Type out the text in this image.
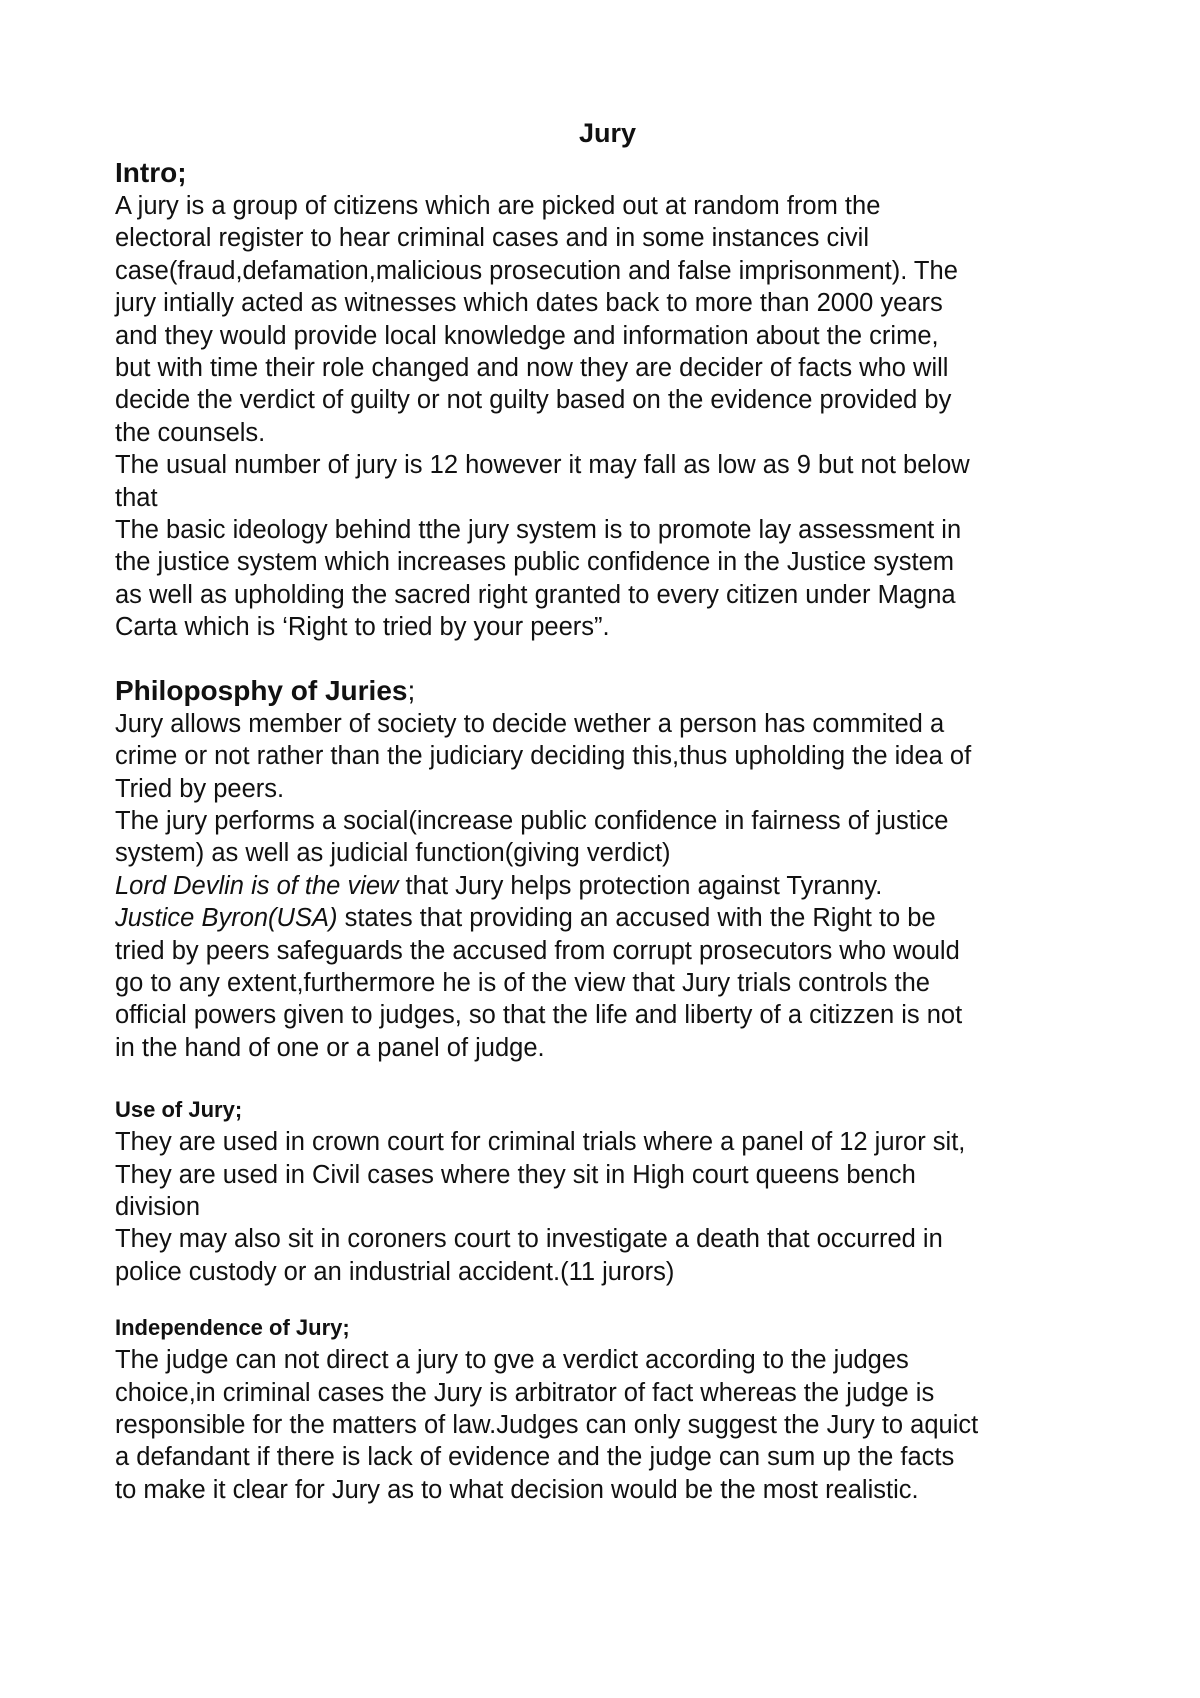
Jury
Intro;

A jury is a group of citizens which are picked out at random from the

electoral register to hear criminal cases and in some instances civil

case(fraud,defamation,malicious prosecution and false imprisonment). The

jury intially acted as witnesses which dates back to more than 2000 years

and they would provide local knowledge and information about the crime,

but with time their role changed and now they are decider of facts who will

decide the verdict of guilty or not guilty based on the evidence provided by

the counsels.

The usual number of jury is 12 however it may fall as low as 9 but not below

that

The basic ideology behind tthe jury system is to promote lay assessment in

the justice system which increases public confidence in the Justice system

as well as upholding the sacred right granted to every citizen under Magna

Carta which is ‘Right to tried by your peers”.

Philoposphy of Juries;

Jury allows member of society to decide wether a person has commited a

crime or not rather than the judiciary deciding this,thus upholding the idea of

Tried by peers.

The jury performs a social(increase public confidence in fairness of justice

system) as well as judicial function(giving verdict)

Lord Devlin is of the view that Jury helps protection against Tyranny.

Justice Byron(USA) states that providing an accused with the Right to be

tried by peers safeguards the accused from corrupt prosecutors who would

go to any extent,furthermore he is of the view that Jury trials controls the

official powers given to judges, so that the life and liberty of a citizzen is not

in the hand of one or a panel of judge.

Use of Jury;

They are used in crown court for criminal trials where a panel of 12 juror sit,

They are used in Civil cases where they sit in High court queens bench

division

They may also sit in coroners court to investigate a death that occurred in

police custody or an industrial accident.(11 jurors)

Independence of Jury;

The judge can not direct a jury to gve a verdict according to the judges

choice,in criminal cases the Jury is arbitrator of fact whereas the judge is

responsible for the matters of law.Judges can only suggest the Jury to aquict

a defandant if there is lack of evidence and the judge can sum up the facts

to make it clear for Jury as to what decision would be the most realistic.
